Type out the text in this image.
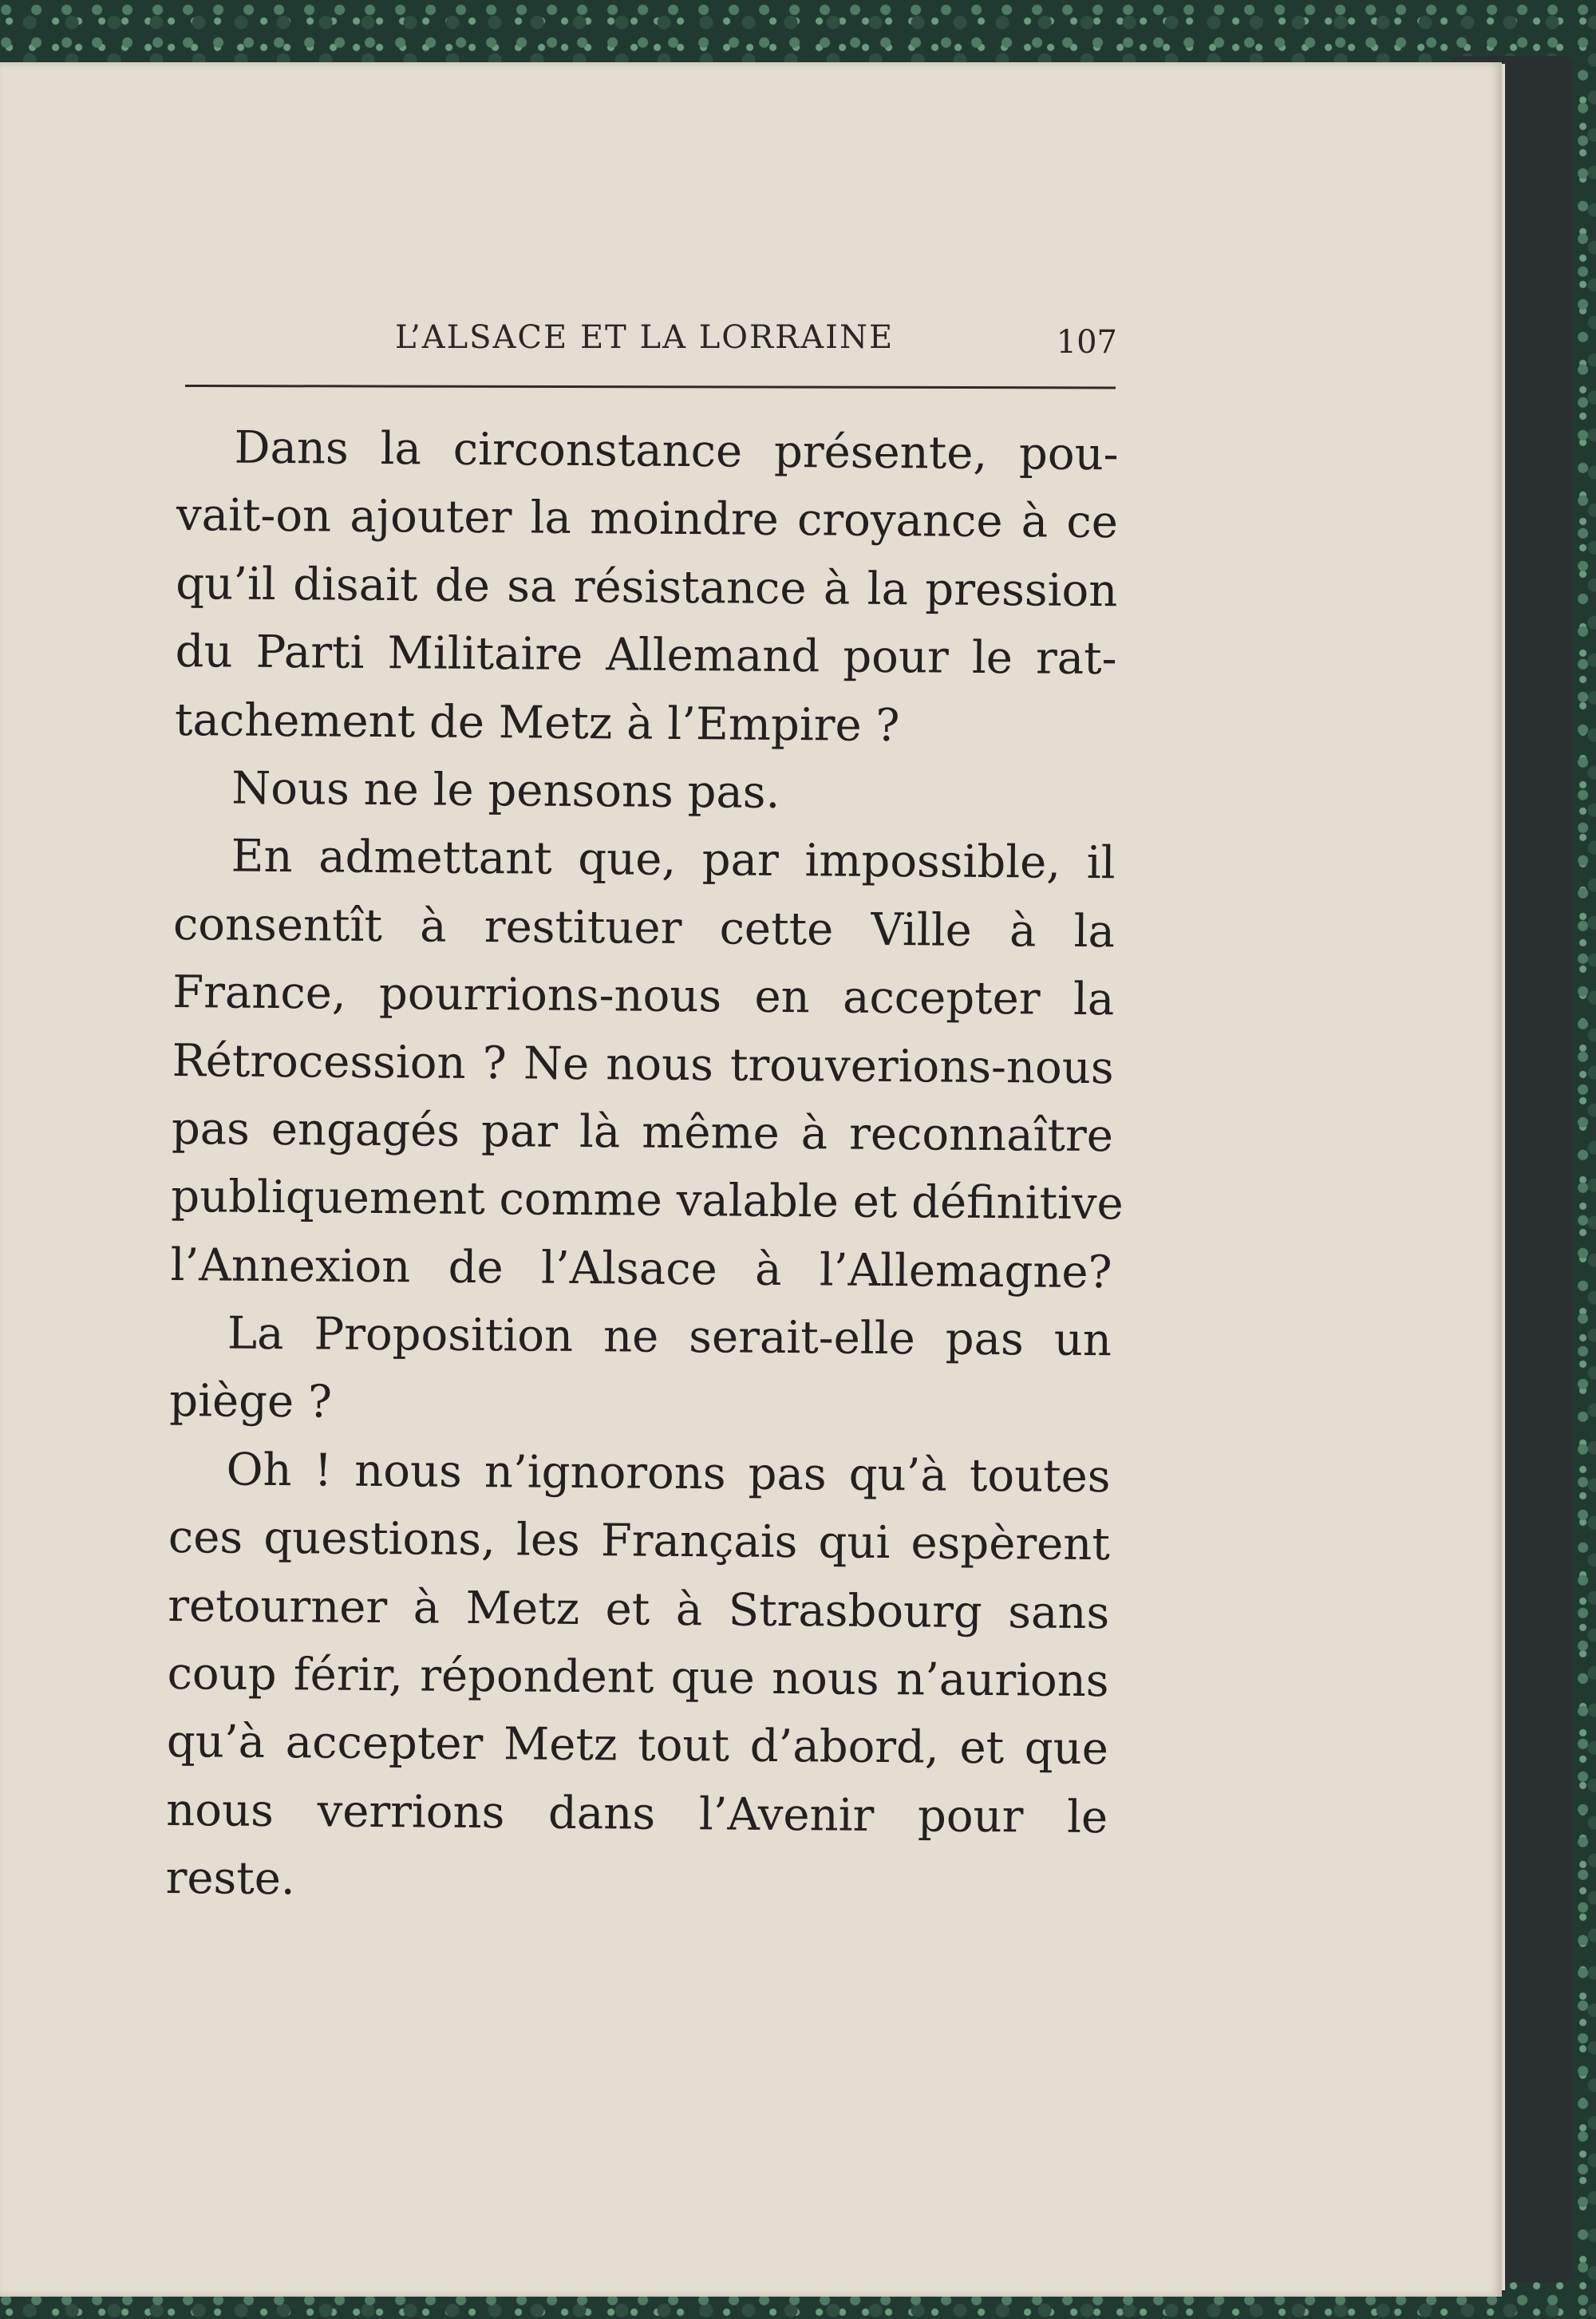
L’ALSACE ET LA LORRAINE	107
Dans la circonstance présente, pou-
vait-on ajouter la moindre croyance à ce
qu’il disait de sa résistance à la pression
du Parti Militaire Allemand pour le rat-
tachement de Metz à l’Empire ?
Nous ne le pensons pas.
En admettant que, par impossible, il
consentît à restituer cette Ville à la
France, pourrions-nous en accepter la
Rétrocession ? Ne nous trouverions-nous
pas engagés par là même à reconnaître
publiquement comme valable et définitive
l’Annexion de l’Alsace à l’Allemagne?
La Proposition ne serait-elle pas un
piège ?
Oh ! nous n’ignorons pas qu’à toutes
ces questions, les Français qui espèrent
retourner à Metz et à Strasbourg sans
coup férir, répondent que nous n’aurions
qu’à accepter Metz tout d’abord, et que
nous verrions dans l’Avenir pour le
reste.
